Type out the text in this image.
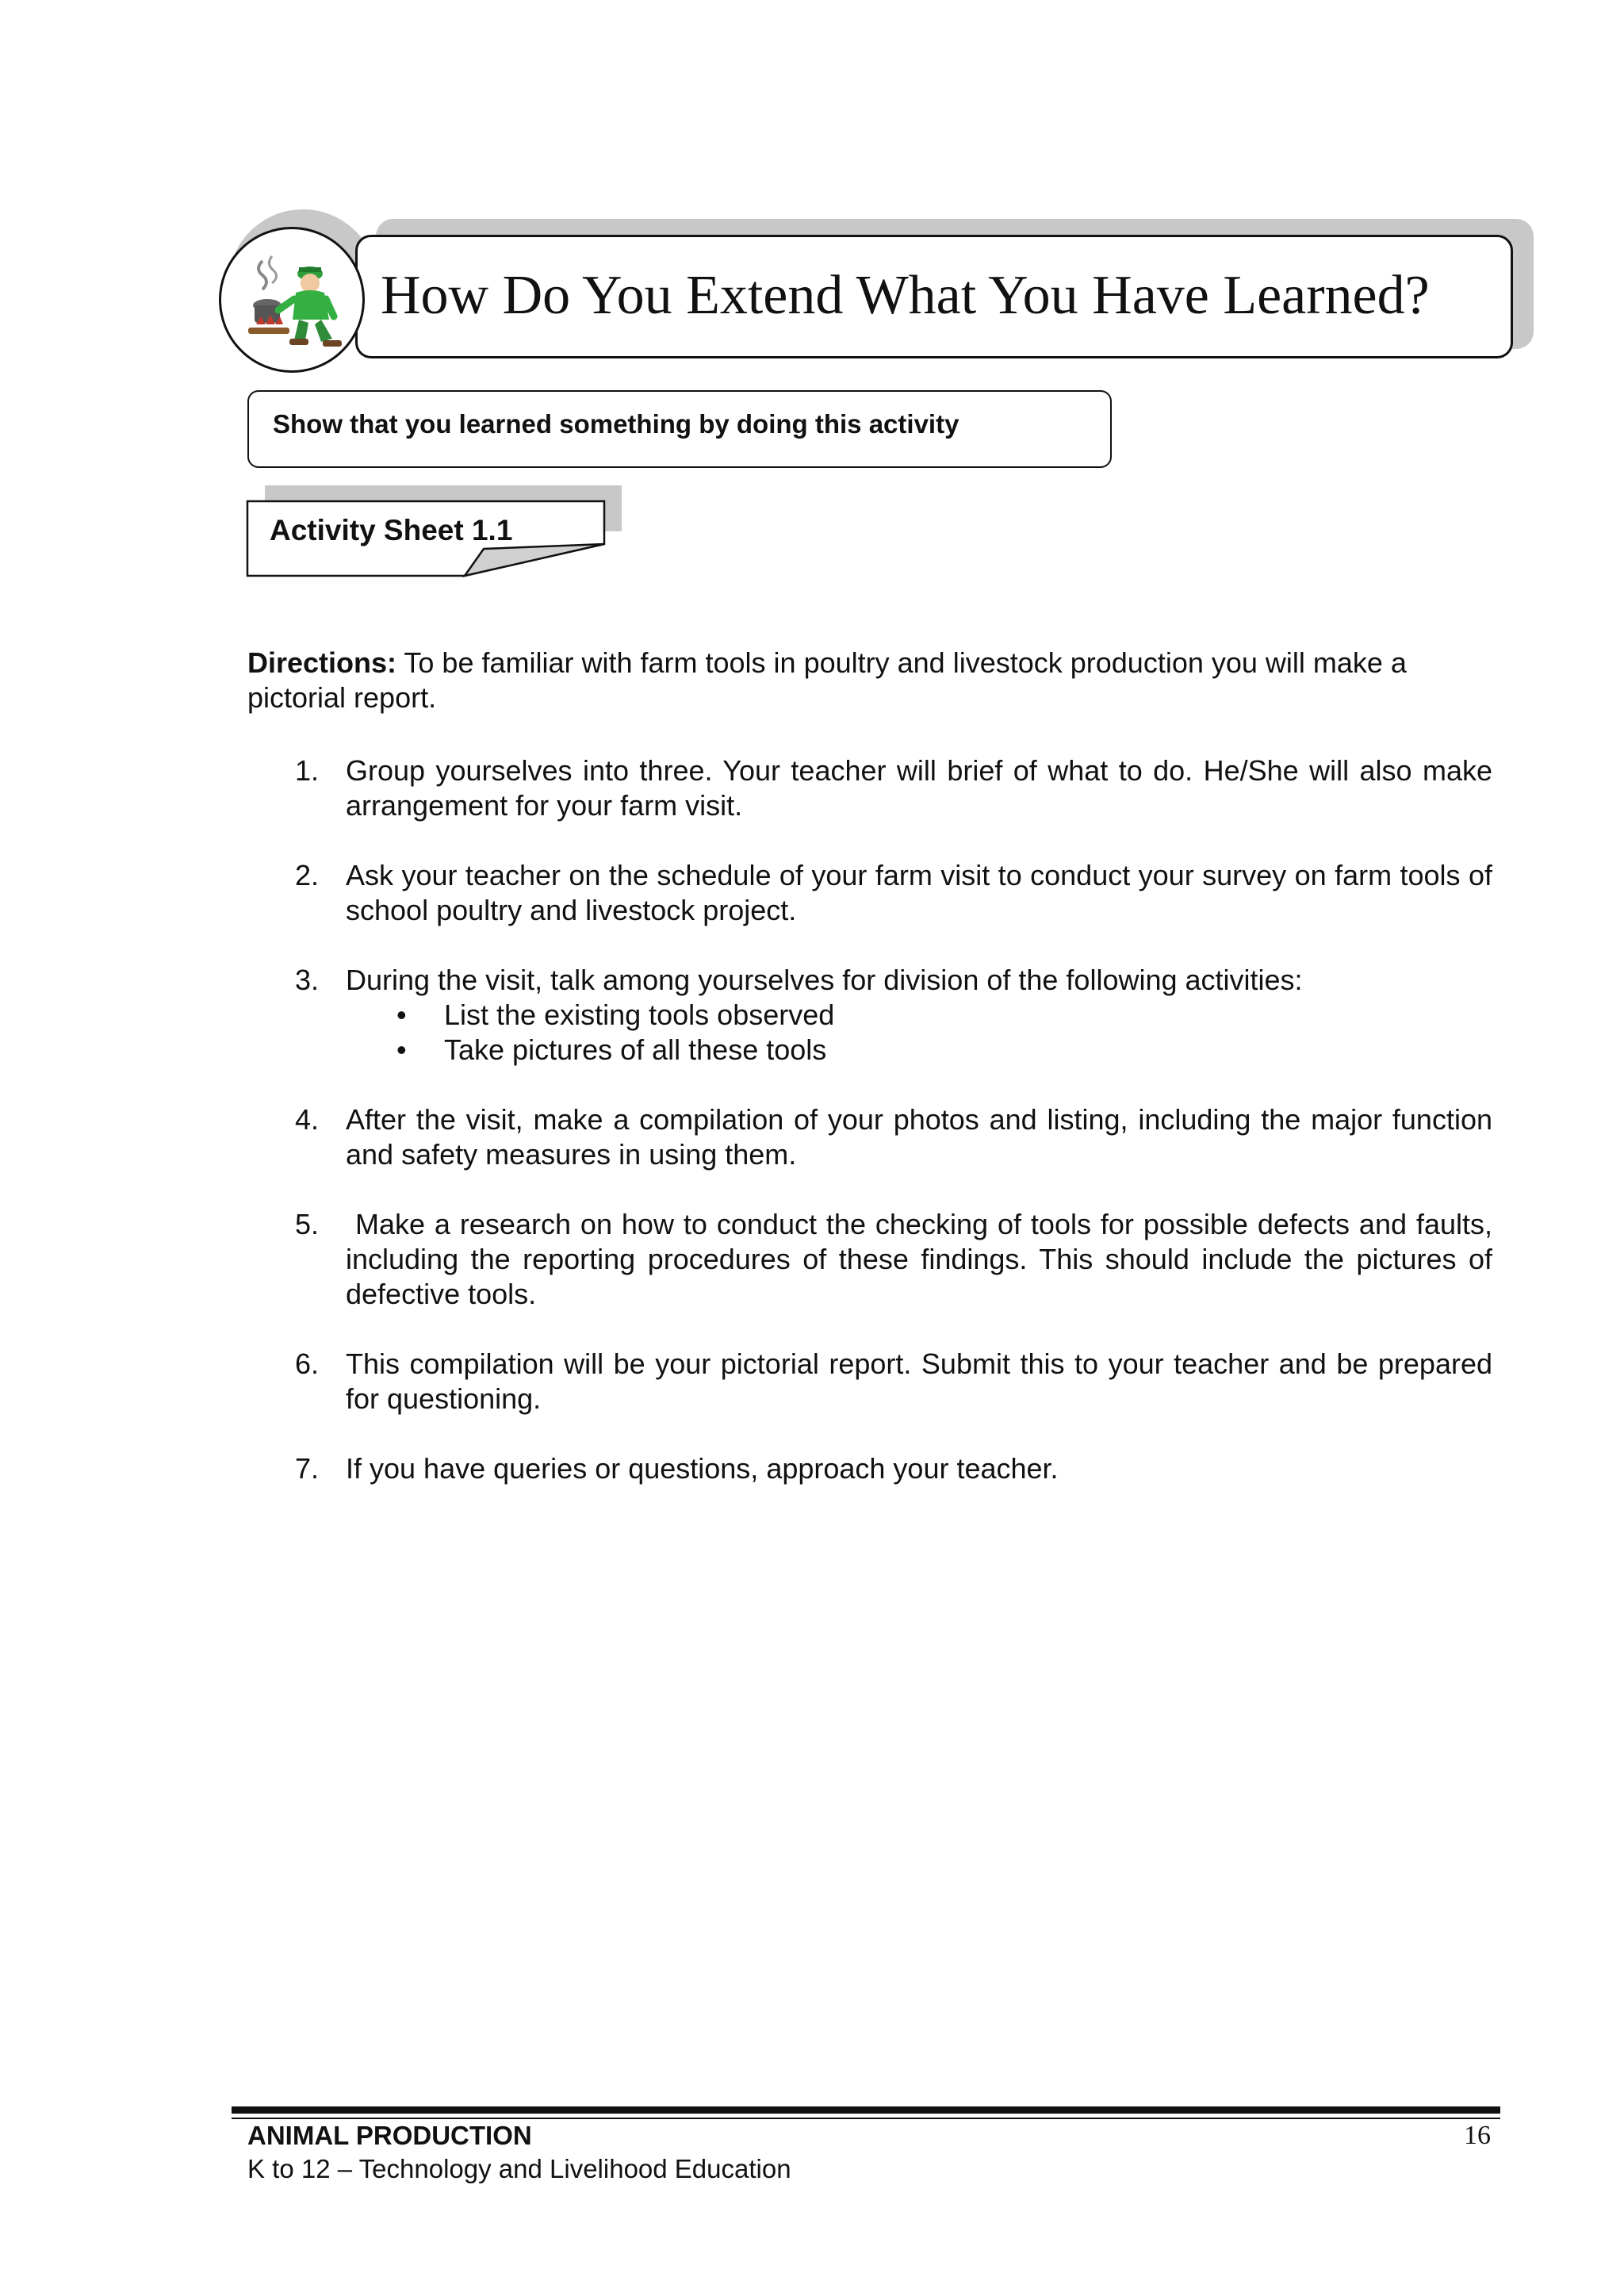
How Do You Extend What You Have Learned?
Show that you learned something by doing this activity
Activity Sheet 1.1
Directions: To be familiar with farm tools in poultry and livestock production you will make a pictorial report.
1. Group yourselves into three. Your teacher will brief of what to do. He/She will also make arrangement for your farm visit.
2. Ask your teacher on the schedule of your farm visit to conduct your survey on farm tools of school poultry and livestock project.
3. During the visit, talk among yourselves for division of the following activities:
• List the existing tools observed
• Take pictures of all these tools
4. After the visit, make a compilation of your photos and listing, including the major function and safety measures in using them.
5. Make a research on how to conduct the checking of tools for possible defects and faults, including the reporting procedures of these findings. This should include the pictures of defective tools.
6. This compilation will be your pictorial report. Submit this to your teacher and be prepared for questioning.
7. If you have queries or questions, approach your teacher.
ANIMAL PRODUCTION
K to 12 – Technology and Livelihood Education
16
